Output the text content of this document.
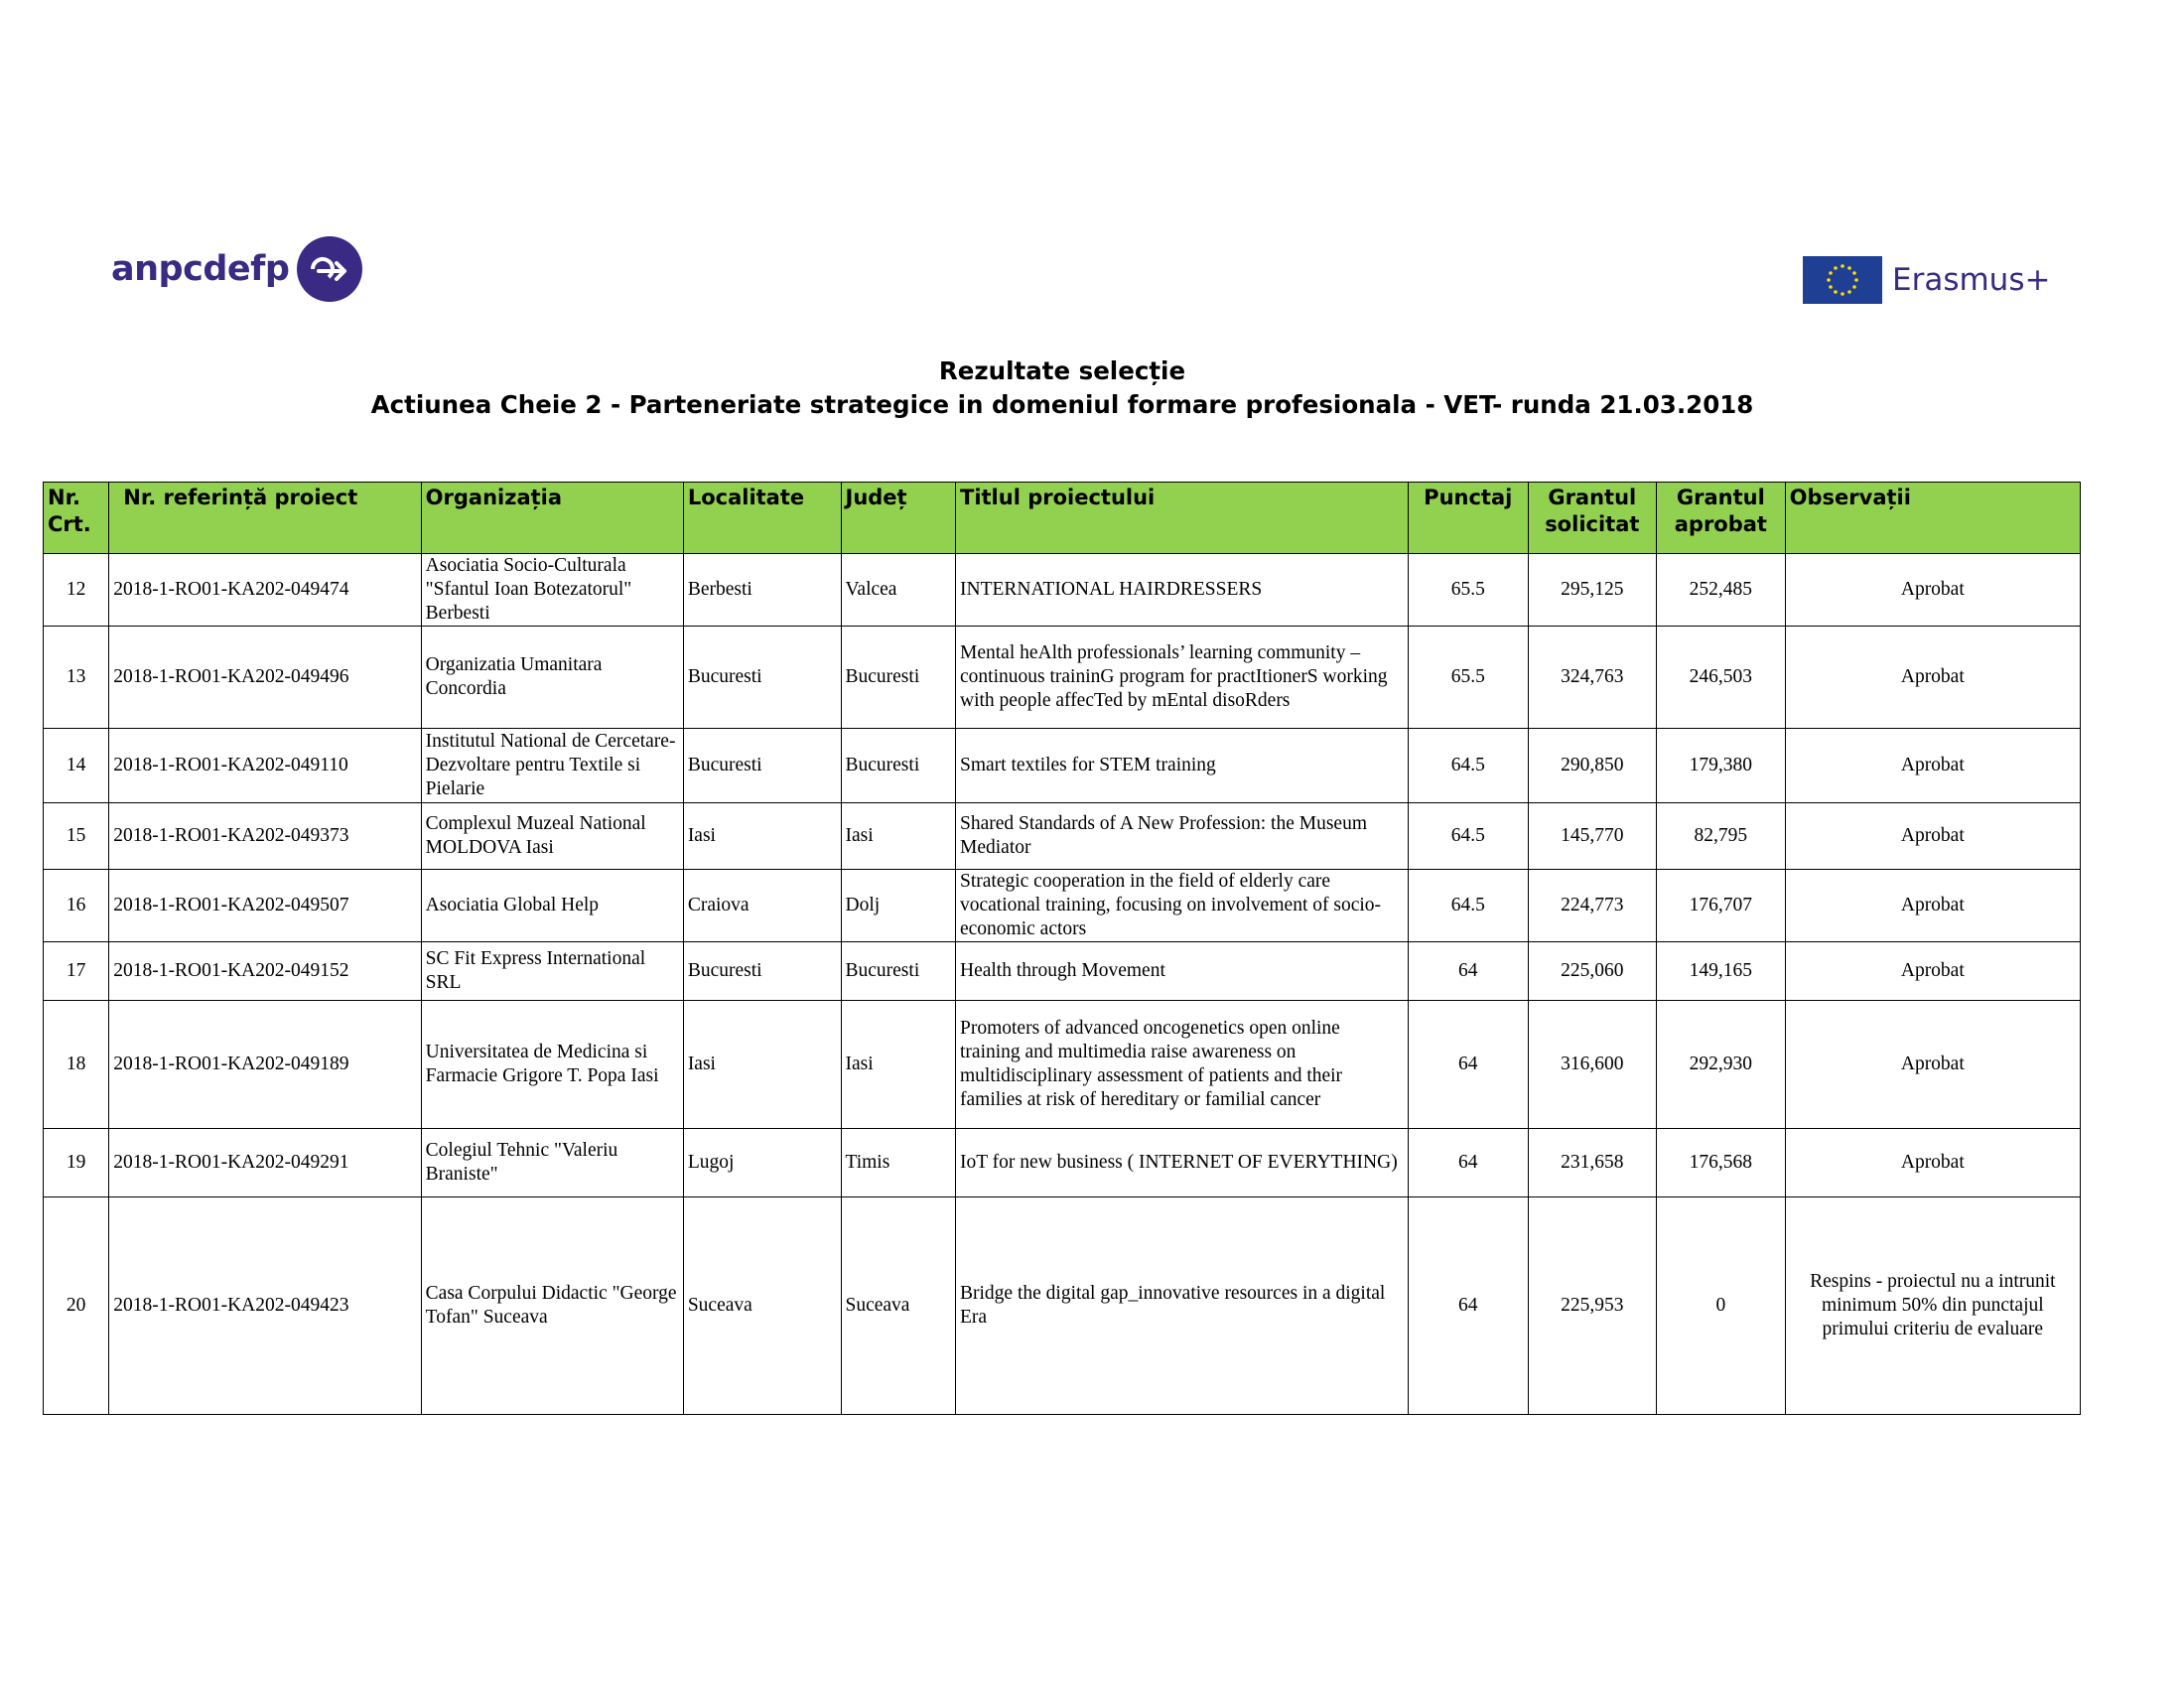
anpcdefp	Erasmus+
Rezultate selecție
Actiunea Cheie 2 - Parteneriate strategice in domeniul formare profesionala - VET- runda 21.03.2018
Nr. Crt.	Nr. referință proiect	Organizația	Localitate	Județ	Titlul proiectului	Punctaj	Grantul solicitat	Grantul aprobat	Observații
12	2018-1-RO01-KA202-049474	Asociatia Socio-Culturala "Sfantul Ioan Botezatorul" Berbesti	Berbesti	Valcea	INTERNATIONAL HAIRDRESSERS	65.5	295,125	252,485	Aprobat
13	2018-1-RO01-KA202-049496	Organizatia Umanitara Concordia	Bucuresti	Bucuresti	Mental heAlth professionals’ learning community – continuous traininG program for practItionerS working with people affecTed by mEntal disoRders	65.5	324,763	246,503	Aprobat
14	2018-1-RO01-KA202-049110	Institutul National de Cercetare-Dezvoltare pentru Textile si Pielarie	Bucuresti	Bucuresti	Smart textiles for STEM training	64.5	290,850	179,380	Aprobat
15	2018-1-RO01-KA202-049373	Complexul Muzeal National MOLDOVA Iasi	Iasi	Iasi	Shared Standards of A New Profession: the Museum Mediator	64.5	145,770	82,795	Aprobat
16	2018-1-RO01-KA202-049507	Asociatia Global Help	Craiova	Dolj	Strategic cooperation in the field of elderly care vocational training, focusing on involvement of socio-economic actors	64.5	224,773	176,707	Aprobat
17	2018-1-RO01-KA202-049152	SC Fit Express International SRL	Bucuresti	Bucuresti	Health through Movement	64	225,060	149,165	Aprobat
18	2018-1-RO01-KA202-049189	Universitatea de Medicina si Farmacie Grigore T. Popa Iasi	Iasi	Iasi	Promoters of advanced oncogenetics open online training and multimedia raise awareness on multidisciplinary assessment of patients and their families at risk of hereditary or familial cancer	64	316,600	292,930	Aprobat
19	2018-1-RO01-KA202-049291	Colegiul Tehnic "Valeriu Braniste"	Lugoj	Timis	IoT for new business ( INTERNET OF EVERYTHING)	64	231,658	176,568	Aprobat
20	2018-1-RO01-KA202-049423	Casa Corpului Didactic "George Tofan" Suceava	Suceava	Suceava	Bridge the digital gap_innovative resources in a digital Era	64	225,953	0	Respins - proiectul nu a intrunit minimum 50% din punctajul primului criteriu de evaluare
